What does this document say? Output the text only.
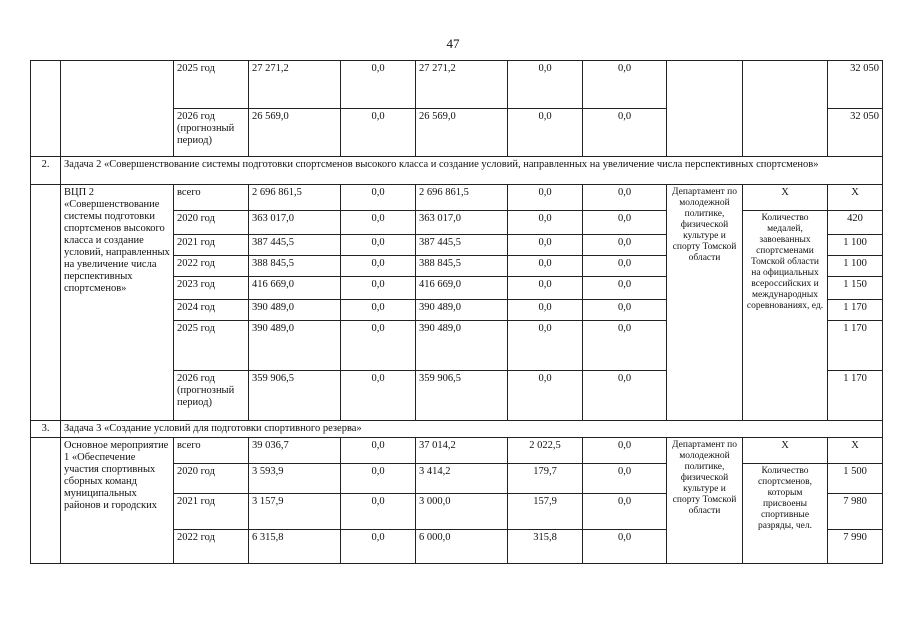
47
		2025 год	27 271,2	0,0	27 271,2	0,0	0,0			32 050
		2026 год (прогнозный период)	26 569,0	0,0	26 569,0	0,0	0,0			32 050
2.	Задача 2 «Совершенствование системы подготовки спортсменов высокого класса и создание условий, направленных на увеличение числа перспективных спортсменов»									
	ВЦП 2 «Совершенствование системы подготовки спортсменов высокого класса и создание условий, направленных на увеличение числа перспективных спортсменов»	всего	2 696 861,5	0,0	2 696 861,5	0,0	0,0	Департамент по молодежной политике, физической культуре и спорту Томской области	Х	Х
		2020 год	363 017,0	0,0	363 017,0	0,0	0,0		Количество медалей, завоеванных спортсменами Томской области на официальных всероссийских и международных соревнованиях, ед.	420
		2021 год	387 445,5	0,0	387 445,5	0,0	0,0			1 100
		2022 год	388 845,5	0,0	388 845,5	0,0	0,0			1 100
		2023 год	416 669,0	0,0	416 669,0	0,0	0,0			1 150
		2024 год	390 489,0	0,0	390 489,0	0,0	0,0			1 170
		2025 год	390 489,0	0,0	390 489,0	0,0	0,0			1 170
		2026 год (прогнозный период)	359 906,5	0,0	359 906,5	0,0	0,0			1 170
3.	Задача 3 «Создание условий для подготовки спортивного резерва»									
	Основное мероприятие 1 «Обеспечение участия спортивных сборных команд муниципальных районов и городских	всего	39 036,7	0,0	37 014,2	2 022,5	0,0	Департамент по молодежной политике, физической культуре и спорту Томской области	Х	Х
		2020 год	3 593,9	0,0	3 414,2	179,7	0,0		Количество спортсменов, которым присвоены спортивные разряды, чел.	1 500
		2021 год	3 157,9	0,0	3 000,0	157,9	0,0			7 980
		2022 год	6 315,8	0,0	6 000,0	315,8	0,0			7 990
